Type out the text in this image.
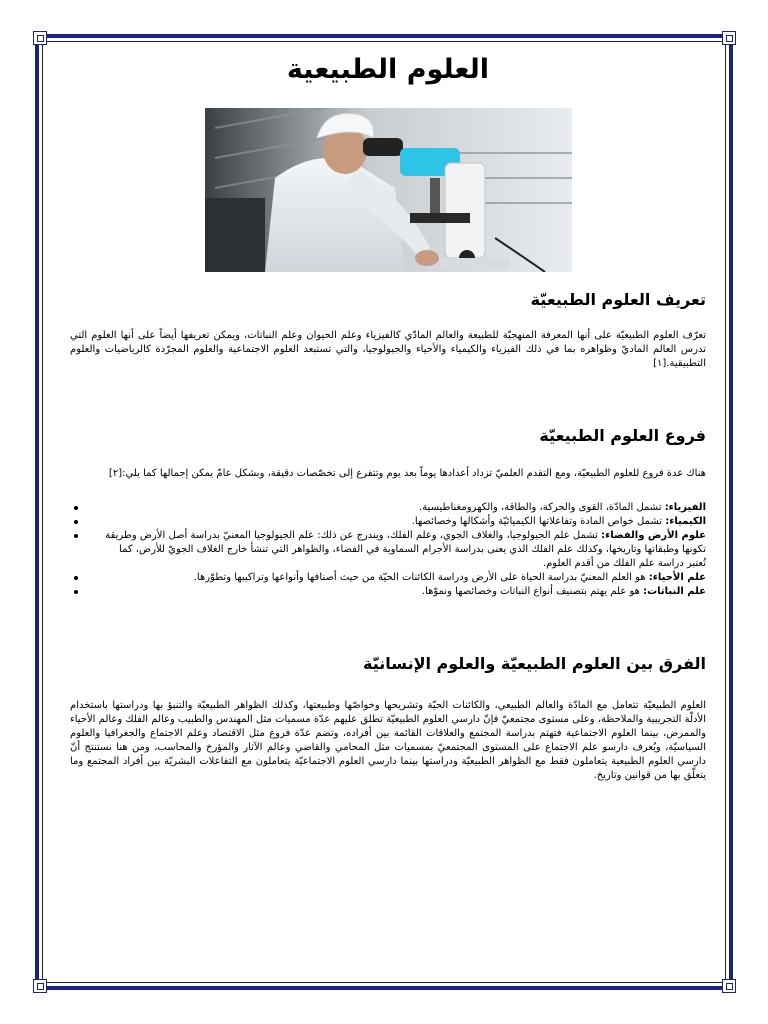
العلوم الطبيعية
تعريف العلوم الطبيعيّة

تعرّف العلوم الطبيعيّة على أنها المعرفة المنهجيّة للطبيعة والعالم المادّي كالفيزياء وعلم الحيوان وعلم النباتات، ويمكن تعريفها أيضاً على أنها العلوم التي تدرس العالم الماديّ وظواهره بما في ذلك الفيزياء والكيمياء والأحياء والجيولوجيا، والتي تستبعد العلوم الاجتماعية والعلوم المجرّدة كالرياضيات والعلوم التطبيقية.[١]

فروع العلوم الطبيعيّة

هناك عدة فروع للعلوم الطبيعيّة، ومع التقدم العلميّ تزداد أعدادها يوماً بعد يوم وتتفرع إلى تخصّصات دقيقة، وبشكل عامّ يمكن إجمالها كما يلي:[٢]

الفيزياء: تشمل المادّة، القوى والحركة، والطاقة، والكهرومغناطيسية.
الكيمياء: تشمل خواص المادة وتفاعلاتها الكيميائيّة وأشكالها وخصائصها.
علوم الأرض والفضاء: تشمل علم الجيولوجيا، والغلاف الجوي، وعلم الفلك، ويندرج عن ذلك: علم الجيولوجيا المعنيّ بدراسة أصل الأرض وطريقة تكونها وطبقاتها وتاريخها، وكذلك علم الفلك الذي يعنى بدراسة الأجرام السماوية في الفضاء، والظواهر التي تنشأ خارج الغلاف الجويّ للأرض، كما تُعتبر دراسة علم الفلك من أقدم العلوم.
علم الأحياء: هو العلم المعنيّ بدراسة الحياة على الأرض ودراسة الكائنات الحيّة من حيث أصنافها وأنواعها وتراكيبها وتطوّرها.
علم النباتات: هو علم يهتم بتصنيف أنواع النباتات وخصائصها ونموّها.
الفرق بين العلوم الطبيعيّة والعلوم الإنسانيّة

العلوم الطبيعيّة تتعامل مع المادّة والعالم الطبيعي، والكائنات الحيّة وتشريحها وخواصّها وطبيعتها، وكذلك الظواهر الطبيعيّة والتنبؤ بها ودراستها باستخدام الأدلّة التجريبية والملاحظة، وعلى مستوى مجتمعيّ فإنّ دارسي العلوم الطبيعيّة تطلق عليهم عدّة مسميات مثل المهندس والطبيب وعالم الفلك وعالم الأحياء والممرض، بينما العلوم الاجتماعية فتهتم بدراسة المجتمع والعلاقات القائمة بين أفراده، وتضم عدّة فروع مثل الاقتصاد وعلم الاجتماع والجغرافيا والعلوم السياسيّة، ويُعرف دارسو علم الاجتماع على المستوى المجتمعيّ بمسميات مثل المحامي والقاضي وعالم الآثار والمؤرخ والمحاسب، ومن هنا نستنتج أنّ دارسي العلوم الطبيعية يتعاملون فقط مع الظواهر الطبيعيّة ودراستها بينما دارسي العلوم الاجتماعيّة يتعاملون مع التفاعلات البشريّة بين أفراد المجتمع وما يتعلّق بها من قوانين وتاريخ.
